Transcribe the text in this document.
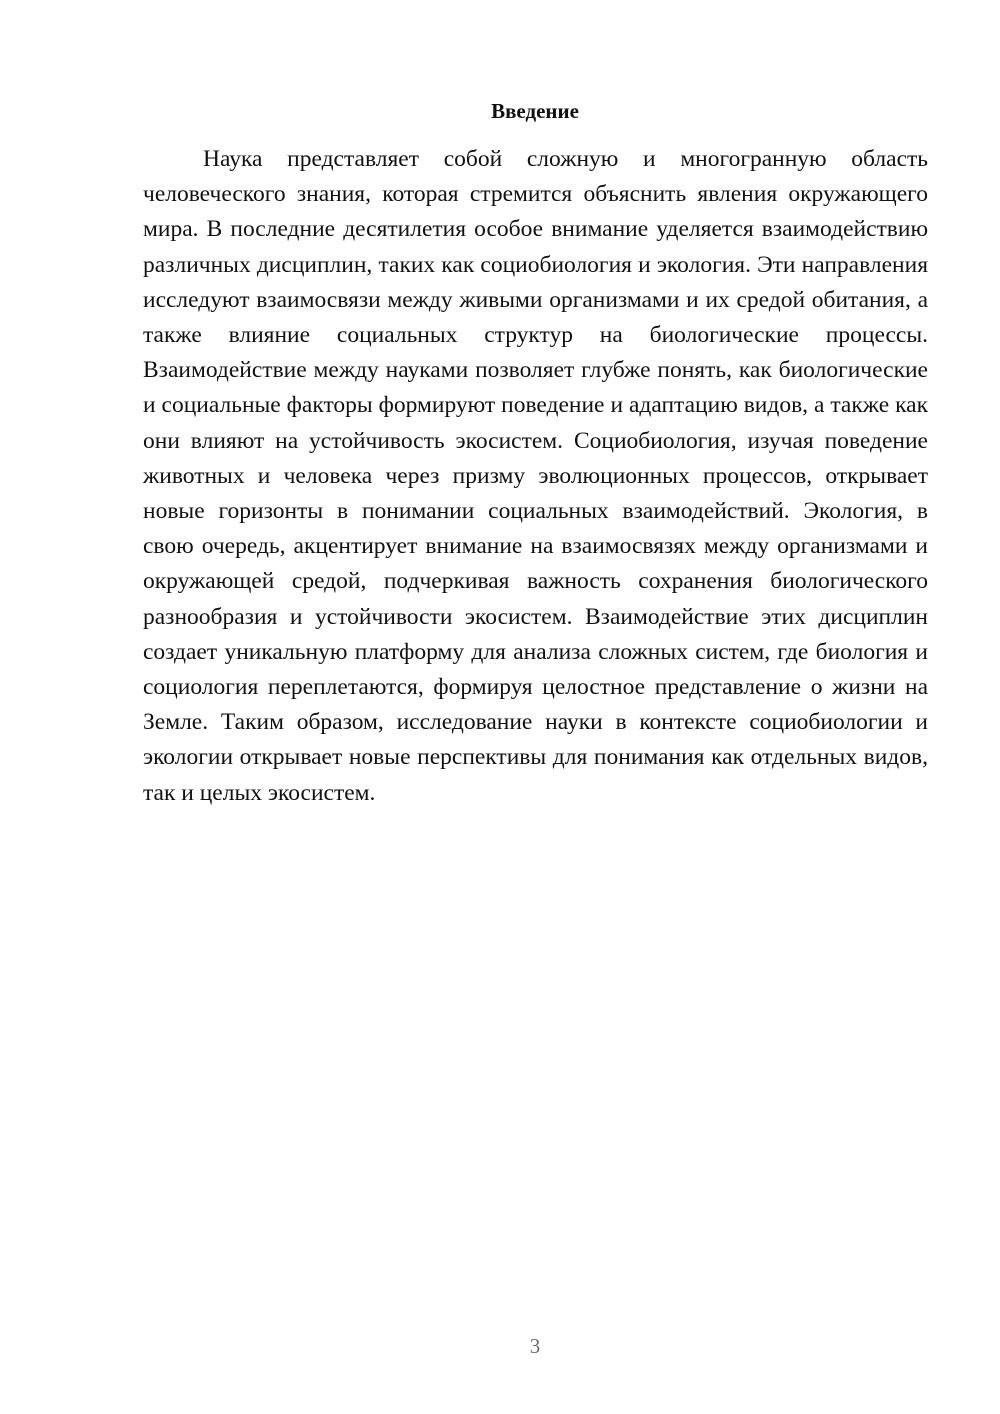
Введение

Наука представляет собой сложную и многогранную область человеческого знания, которая стремится объяснить явления окружающего мира. В последние десятилетия особое внимание уделяется взаимодействию различных дисциплин, таких как социобиология и экология. Эти направления исследуют взаимосвязи между живыми организмами и их средой обитания, а также влияние социальных структур на биологические процессы. Взаимодействие между науками позволяет глубже понять, как биологические и социальные факторы формируют поведение и адаптацию видов, а также как они влияют на устойчивость экосистем. Социобиология, изучая поведение животных и человека через призму эволюционных процессов, открывает новые горизонты в понимании социальных взаимодействий. Экология, в свою очередь, акцентирует внимание на взаимосвязях между организмами и окружающей средой, подчеркивая важность сохранения биологического разнообразия и устойчивости экосистем. Взаимодействие этих дисциплин создает уникальную платформу для анализа сложных систем, где биология и социология переплетаются, формируя целостное представление о жизни на Земле. Таким образом, исследование науки в контексте социобиологии и экологии открывает новые перспективы для понимания как отдельных видов, так и целых экосистем.

3
